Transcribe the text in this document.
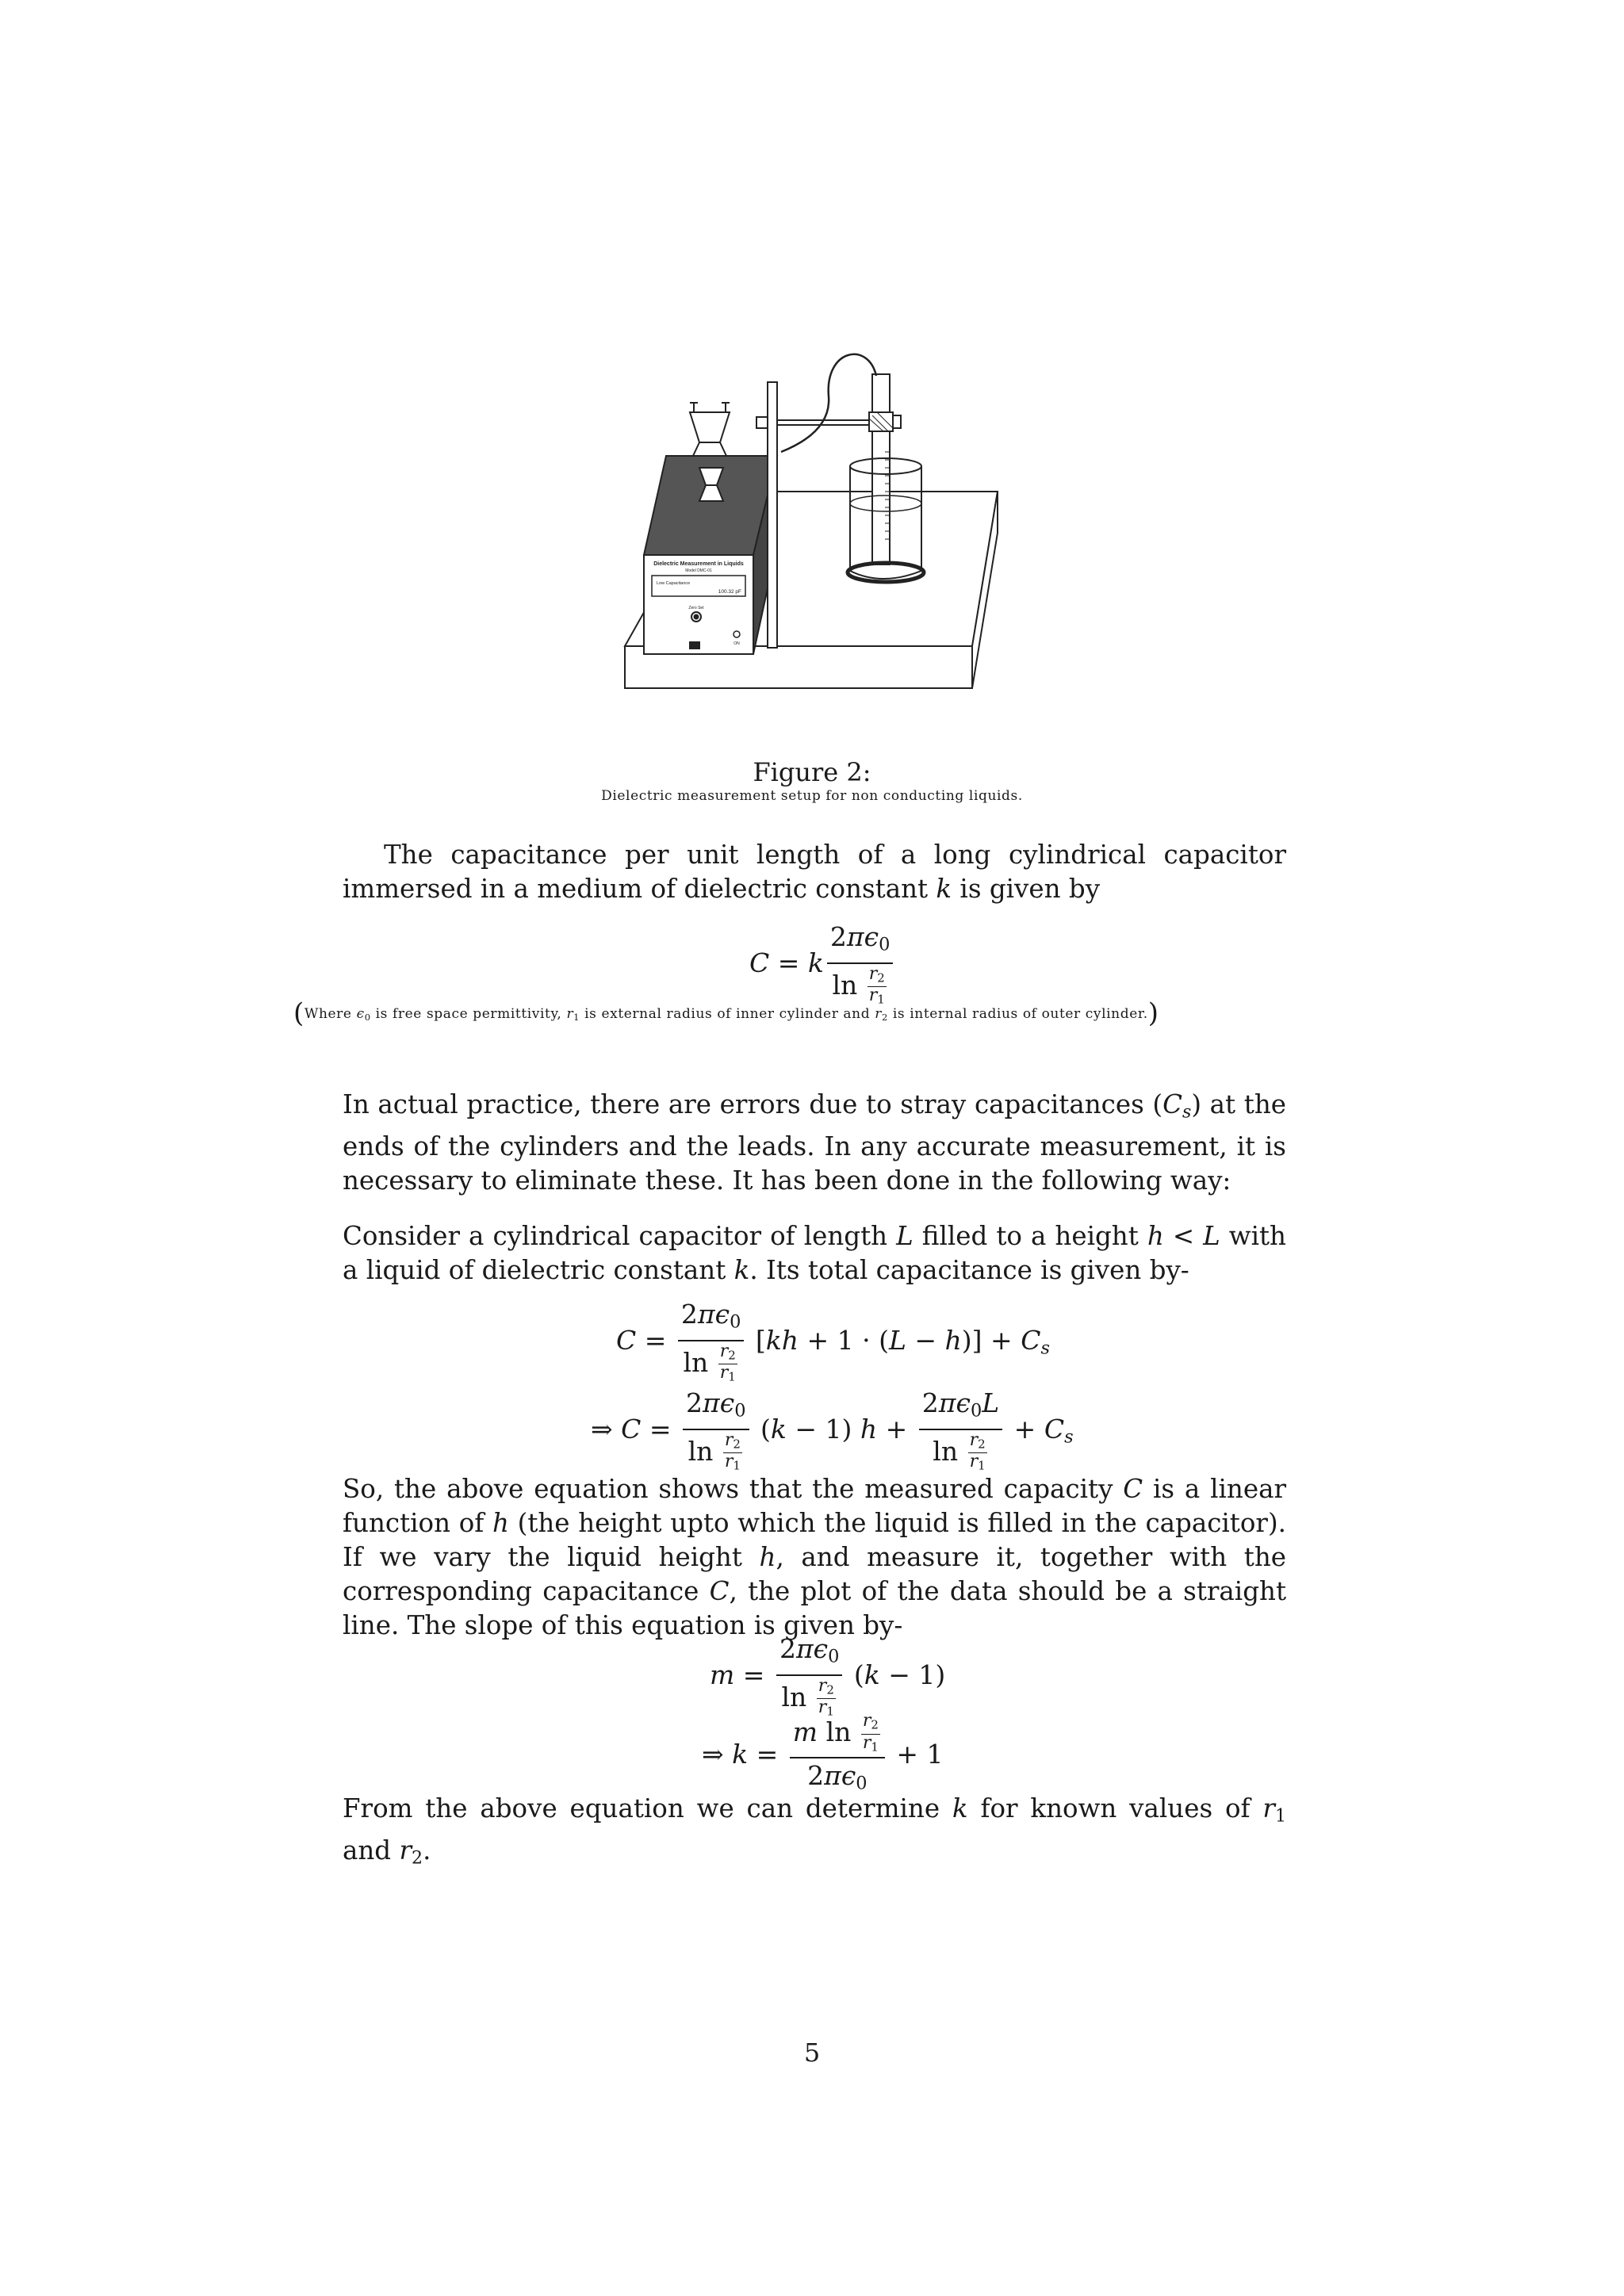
Dielectric Measurement in Liquids
Model DMC-01
Low Capacitance
100.32 pF
Zero Set
ON
Figure 2:
Dielectric measurement setup for non conducting liquids.
The capacitance per unit length of a long cylindrical capacitor immersed in a medium of dielectric constant k is given by
C = k $\frac{2\pi\epsilon_0}{\ln \frac{r_2}{r_1}}$
(Where $\epsilon_0$ is free space permittivity, $r_1$ is external radius of inner cylinder and $r_2$ is internal radius of outer cylinder.)
In actual practice, there are errors due to stray capacitances $(C_s)$ at the ends of the cylinders and the leads. In any accurate measurement, it is necessary to eliminate these. It has been done in the following way:
Consider a cylindrical capacitor of length L filled to a height h < L with a liquid of dielectric constant k. Its total capacitance is given by-
$C = \frac{2\pi\epsilon_0}{\ln \frac{r_2}{r_1}} [kh + 1 \cdot (L - h)] + C_s$
⇒ $C = \frac{2\pi\epsilon_0}{\ln \frac{r_2}{r_1}} (k - 1) h + \frac{2\pi\epsilon_0L}{\ln \frac{r_2}{r_1}} + C_s$
So, the above equation shows that the measured capacity C is a linear function of h (the height upto which the liquid is filled in the capacitor). If we vary the liquid height h, and measure it, together with the corresponding capacitance C, the plot of the data should be a straight line. The slope of this equation is given by-
$m = \frac{2\pi\epsilon_0}{\ln \frac{r_2}{r_1}} (k - 1)$
⇒ $k = \frac{m \ln \frac{r_2}{r_1}}{2\pi\epsilon_0} + 1$
From the above equation we can determine k for known values of $r_1$ and $r_2$.
5
